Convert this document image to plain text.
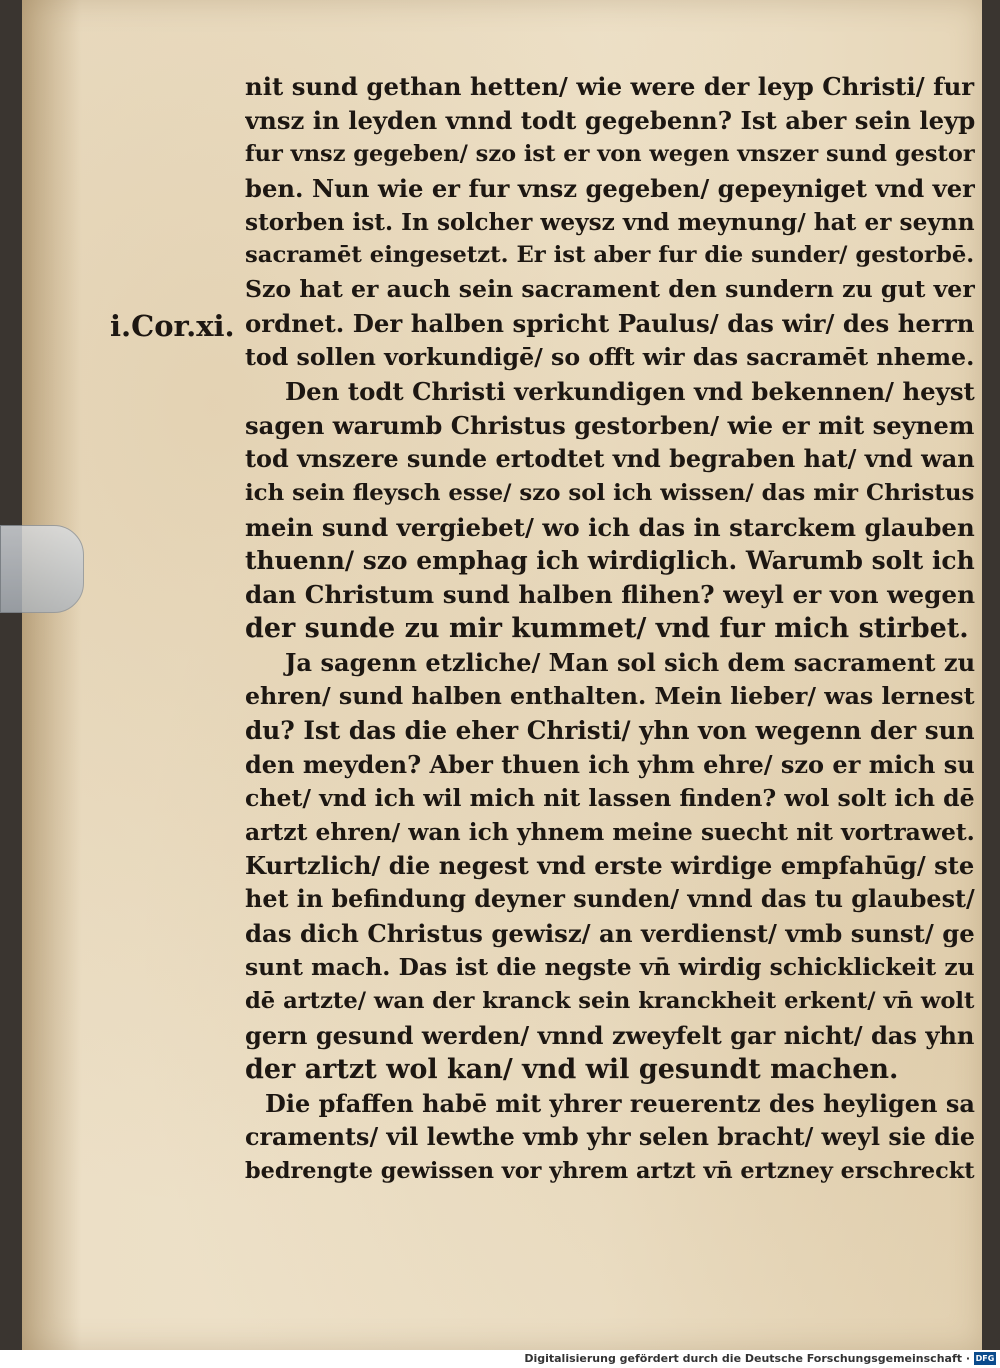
i.Cor.xi.
nit sund gethan hetten/ wie were der leyp Christi/ fur
vnsz in leyden vnnd todt gegebenn? Ist aber sein leyp
fur vnsz gegeben/ szo ist er von wegen vnszer sund gestor
ben. Nun wie er fur vnsz gegeben/ gepeyniget vnd ver
storben ist. In solcher weysz vnd meynung/ hat er seynn
sacramēt eingesetzt. Er ist aber fur die sunder/ gestorbē.
Szo hat er auch sein sacrament den sundern zu gut ver
ordnet. Der halben spricht Paulus/ das wir/ des herrn
tod sollen vorkundigē/ so offt wir das sacramēt nheme.
Den todt Christi verkundigen vnd bekennen/ heyst
sagen warumb Christus gestorben/ wie er mit seynem
tod vnszere sunde ertodtet vnd begraben hat/ vnd wan
ich sein fleysch esse/ szo sol ich wissen/ das mir Christus
mein sund vergiebet/ wo ich das in starckem glauben
thuenn/ szo emphag ich wirdiglich. Warumb solt ich
dan Christum sund halben flihen? weyl er von wegen
der sunde zu mir kummet/ vnd fur mich stirbet.
Ja sagenn etzliche/ Man sol sich dem sacrament zu
ehren/ sund halben enthalten. Mein lieber/ was lernest
du? Ist das die eher Christi/ yhn von wegenn der sun
den meyden? Aber thuen ich yhm ehre/ szo er mich su
chet/ vnd ich wil mich nit lassen finden? wol solt ich dē
artzt ehren/ wan ich yhnem meine suecht nit vortrawet.
Kurtzlich/ die negest vnd erste wirdige empfahūg/ ste
het in befindung deyner sunden/ vnnd das tu glaubest/
das dich Christus gewisz/ an verdienst/ vmb sunst/ ge
sunt mach. Das ist die negste vn̄ wirdig schicklickeit zu
dē artzte/ wan der kranck sein kranckheit erkent/ vn̄ wolt
gern gesund werden/ vnnd zweyfelt gar nicht/ das yhn
der artzt wol kan/ vnd wil gesundt machen.
Die pfaffen habē mit yhrer reuerentz des heyligen sa
craments/ vil lewthe vmb yhr selen bracht/ weyl sie die
bedrengte gewissen vor yhrem artzt vn̄ ertzney erschreckt
Digitalisierung gefördert durch die Deutsche Forschungsgemeinschaft · DFG
